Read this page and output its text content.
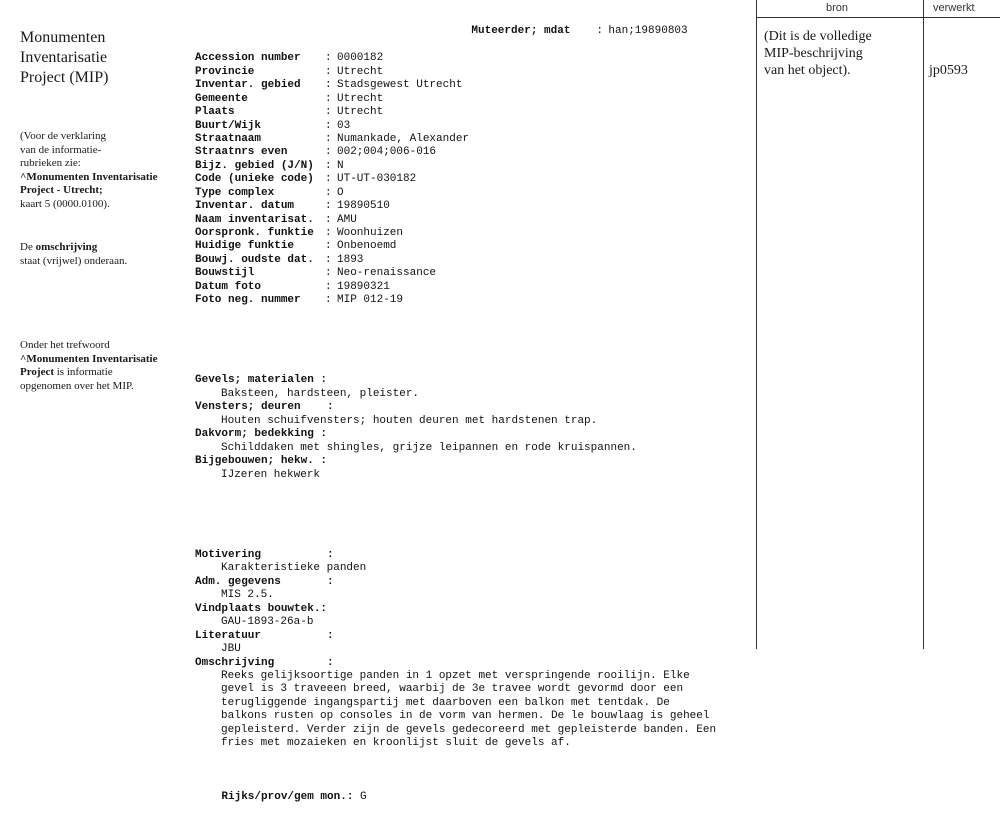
Monumenten
Inventarisatie
Project (MIP)

(Voor de verklaring
van de informatie-
rubrieken zie:
^Monumenten Inventarisatie
Project - Utrecht;
kaart 5 (0000.0100).

De omschrijving
staat (vrijwel) onderaan.

Onder het trefwoord
^Monumenten Inventarisatie
Project is informatie
opgenomen over het MIP.

Muteerder; mdat : han;19890803

Accession number : 0000182
Provincie	: Utrecht
Inventar. gebied : Stadsgewest Utrecht
Gemeente	: Utrecht
Plaats	: Utrecht
Buurt/Wijk	: 03
Straatnaam	: Numankade, Alexander
Straatnrs even	: 002;004;006-016
Bijz. gebied (J/N) : N
Code (unieke code) : UT-UT-030182
Type complex	: O
Inventar. datum	: 19890510
Naam inventarisat. : AMU
Oorspronk. funktie : Woonhuizen
Huidige funktie	: Onbenoemd
Bouwj. oudste dat. : 1893
Bouwstijl	: Neo-renaissance
Datum foto	: 19890321
Foto neg. nummer : MIP 012-19

Gevels; materialen :
Baksteen, hardsteen, pleister.
Vensters; deuren    :
Houten schuifvensters; houten deuren met hardstenen trap.
Dakvorm; bedekking :
Schilddaken met shingles, grijze leipannen en rode kruispannen.
Bijgebouwen; hekw. :
IJzeren hekwerk

Motivering          :
Karakteristieke panden
Adm. gegevens       :
MIS 2.5.
Vindplaats bouwtek.:
GAU-1893-26a-b
Literatuur          :
JBU
Omschrijving        :
Reeks gelijksoortige panden in 1 opzet met verspringende rooilijn. Elke
gevel is 3 traveeen breed, waarbij de 3e travee wordt gevormd door een
terugliggende ingangspartij met daarboven een balkon met tentdak. De
balkons rusten op consoles in de vorm van hermen. De le bouwlaag is geheel
gepleisterd. Verder zijn de gevels gedecoreerd met gepleisterde banden. Een
fries met mozaieken en kroonlijst sluit de gevels af.

Rijks/prov/gem mon.: G

bron	verwerkt
(Dit is de volledige
MIP-beschrijving
van het object).	jp0593
